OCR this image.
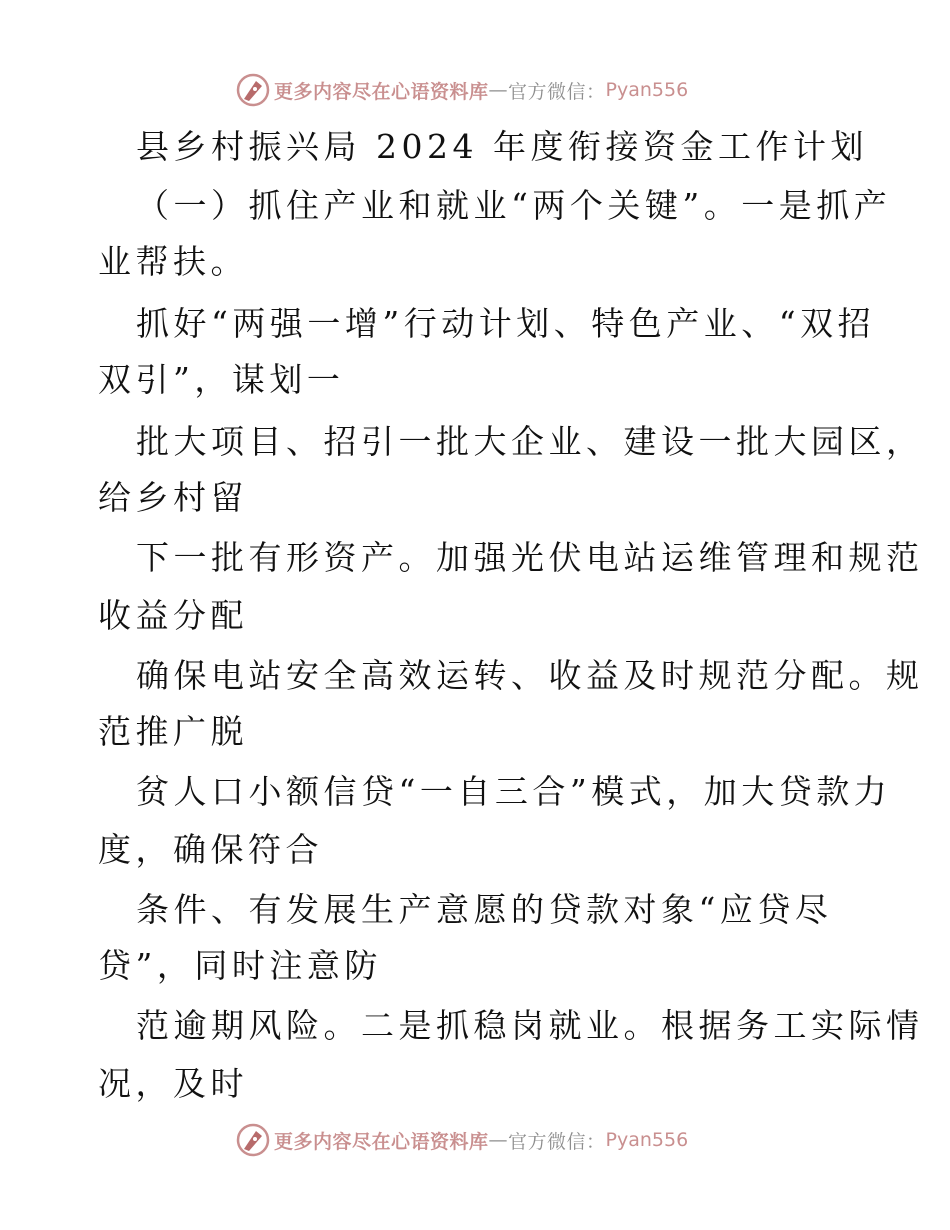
更多内容尽在心语资料库 — 官方微信： Pyan556
县乡村振兴局 2024 年度衔接资金工作计划
（一）抓住产业和就业“两个关键”。一是抓产
业帮扶。
抓好“两强一增”行动计划、特色产业、“双招
双引”，谋划一
批大项目、招引一批大企业、建设一批大园区，
给乡村留
下一批有形资产。加强光伏电站运维管理和规范
收益分配
确保电站安全高效运转、收益及时规范分配。规
范推广脱
贫人口小额信贷“一自三合”模式，加大贷款力
度，确保符合
条件、有发展生产意愿的贷款对象“应贷尽
贷”，同时注意防
范逾期风险。二是抓稳岗就业。根据务工实际情
况，及时
更多内容尽在心语资料库 — 官方微信： Pyan556
